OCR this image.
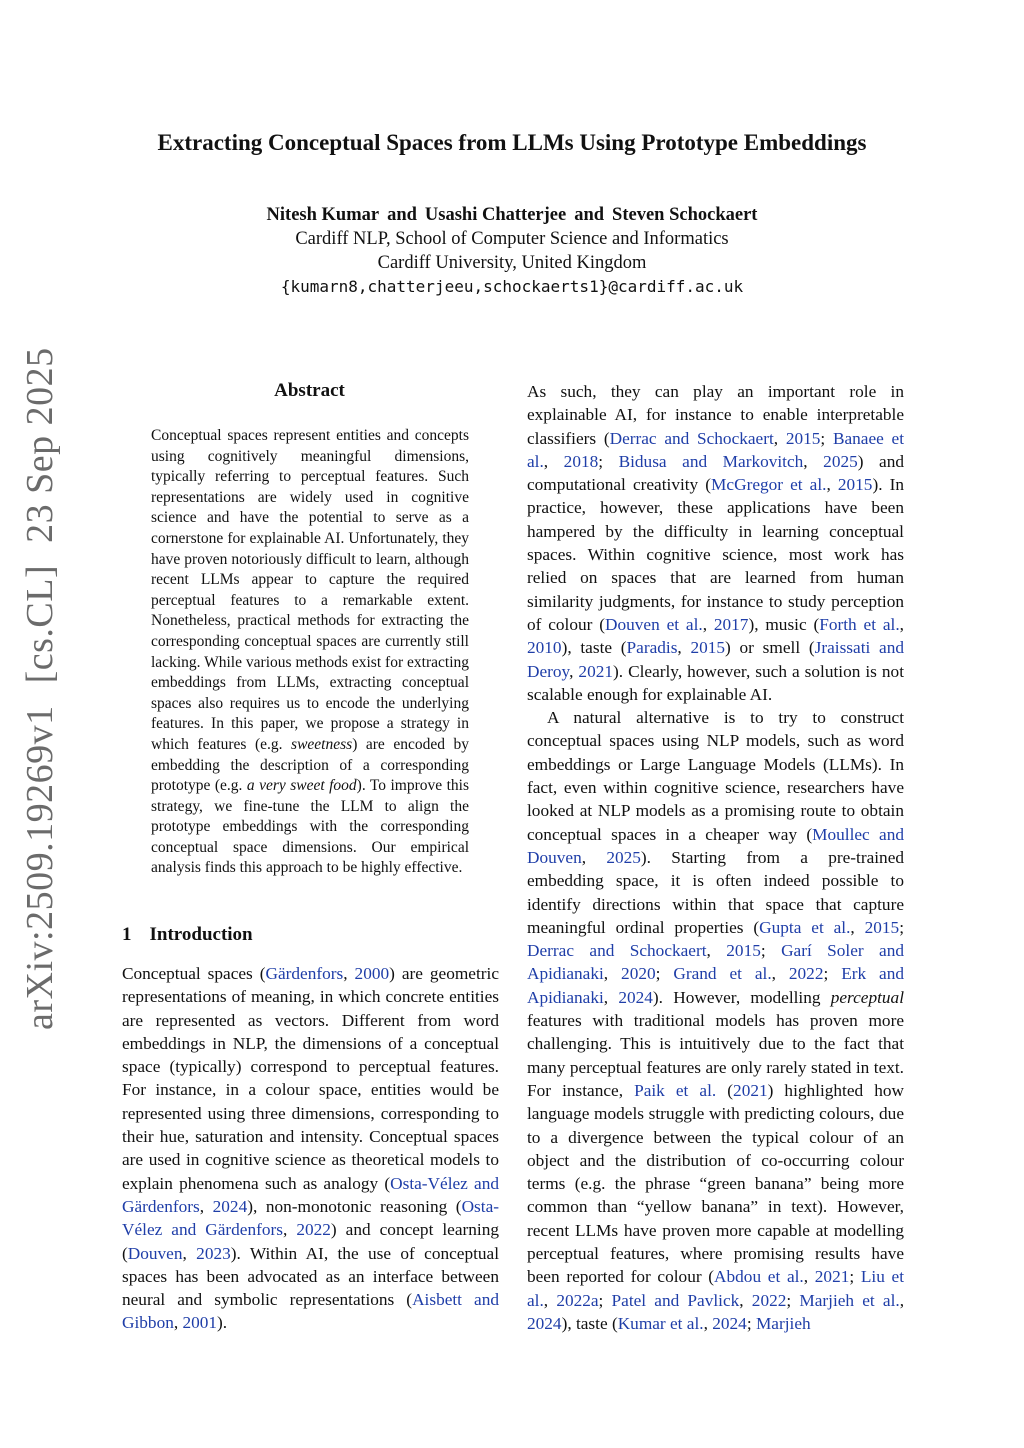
arXiv:2509.19269v1[cs.CL]23 Sep 2025
Extracting Conceptual Spaces from LLMs Using Prototype Embeddings
Nitesh Kumar and Usashi Chatterjee and Steven Schockaert
Cardiff NLP, School of Computer Science and Informatics
Cardiff University, United Kingdom
{kumarn8,chatterjeeu,schockaerts1}@cardiff.ac.uk
Abstract
Conceptual spaces represent entities and concepts using cognitively meaningful dimensions, typically referring to perceptual features. Such representations are widely used in cognitive science and have the potential to serve as a cornerstone for explainable AI. Unfortunately, they have proven notoriously difficult to learn, although recent LLMs appear to capture the required perceptual features to a remarkable extent. Nonetheless, practical methods for extracting the corresponding conceptual spaces are currently still lacking. While various methods exist for extracting embeddings from LLMs, extracting conceptual spaces also requires us to encode the underlying features. In this paper, we propose a strategy in which features (e.g. sweetness) are encoded by embedding the description of a corresponding prototype (e.g. a very sweet food). To improve this strategy, we fine-tune the LLM to align the prototype embeddings with the corresponding conceptual space dimensions. Our empirical analysis finds this approach to be highly effective.
1 Introduction

Conceptual spaces (Gärdenfors, 2000) are geometric representations of meaning, in which concrete entities are represented as vectors. Different from word embeddings in NLP, the dimensions of a conceptual space (typically) correspond to perceptual features. For instance, in a colour space, entities would be represented using three dimensions, corresponding to their hue, saturation and intensity. Conceptual spaces are used in cognitive science as theoretical models to explain phenomena such as analogy (Osta-Vélez and Gärdenfors, 2024), non-monotonic reasoning (Osta-Vélez and Gärdenfors, 2022) and concept learning (Douven, 2023). Within AI, the use of conceptual spaces has been advocated as an interface between neural and symbolic representations (Aisbett and Gibbon, 2001).

As such, they can play an important role in explainable AI, for instance to enable interpretable classifiers (Derrac and Schockaert, 2015; Banaee et al., 2018; Bidusa and Markovitch, 2025) and computational creativity (McGregor et al., 2015). In practice, however, these applications have been hampered by the difficulty in learning conceptual spaces. Within cognitive science, most work has relied on spaces that are learned from human similarity judgments, for instance to study perception of colour (Douven et al., 2017), music (Forth et al., 2010), taste (Paradis, 2015) or smell (Jraissati and Deroy, 2021). Clearly, however, such a solution is not scalable enough for explainable AI.

A natural alternative is to try to construct conceptual spaces using NLP models, such as word embeddings or Large Language Models (LLMs). In fact, even within cognitive science, researchers have looked at NLP models as a promising route to obtain conceptual spaces in a cheaper way (Moullec and Douven, 2025). Starting from a pre-trained embedding space, it is often indeed possible to identify directions within that space that capture meaningful ordinal properties (Gupta et al., 2015; Derrac and Schockaert, 2015; Garí Soler and Apidianaki, 2020; Grand et al., 2022; Erk and Apidianaki, 2024). However, modelling perceptual features with traditional models has proven more challenging. This is intuitively due to the fact that many perceptual features are only rarely stated in text. For instance, Paik et al. (2021) highlighted how language models struggle with predicting colours, due to a divergence between the typical colour of an object and the distribution of co-occurring colour terms (e.g. the phrase “green banana” being more common than “yellow banana” in text). However, recent LLMs have proven more capable at modelling perceptual features, where promising results have been reported for colour (Abdou et al., 2021; Liu et al., 2022a; Patel and Pavlick, 2022; Marjieh et al., 2024), taste (Kumar et al., 2024; Marjieh
